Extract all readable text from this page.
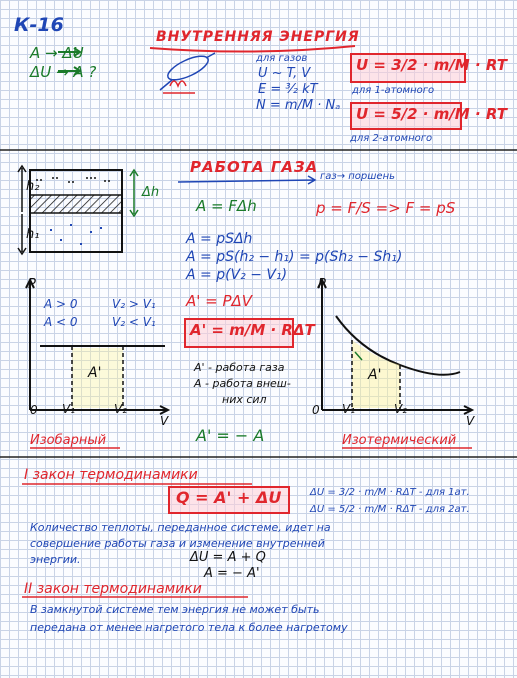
К-16
ВНУТРЕННЯЯ ЭНЕРГИЯ
A → ΔU
ΔU → A ?
для газов
U ~ T, V
E = ³⁄₂ kT
N = m/M · Nₐ
U = 3/2 · m/M · RT
для 1-атомного
U = 5/2 · m/M · RT
для 2-атомного
РАБОТА ГАЗА
газ→ поршень
h₂
h₁
Δh
A = FΔh	p = F/S => F = pS
A = pSΔh
A = pS(h₂ − h₁) = p(Sh₂ − Sh₁)
A = p(V₂ − V₁)
A' = PΔV
A' = m/M · RΔT
A' - работа газа
A - работа внеш-
них сил
A' = − A
P
V
0 V₁	V₂
A'
A > 0
A < 0
V₂ > V₁
V₂ < V₁
Изобарный
P
V
0 V₁	V₂
A'
Изотермический
I закон термодинамики
Q = A' + ΔU	ΔU = 3/2 · m/M · RΔT - для 1ат.
ΔU = 5/2 · m/M · RΔT - для 2ат.
Количество теплоты, переданное системе, идет на
совершение работы газа и изменение внутренней
энергии.	ΔU = A + Q
A = − A'
II закон термодинамики
В замкнутой системе тем энергия не может быть
передана от менее нагретого тела к более нагретому
